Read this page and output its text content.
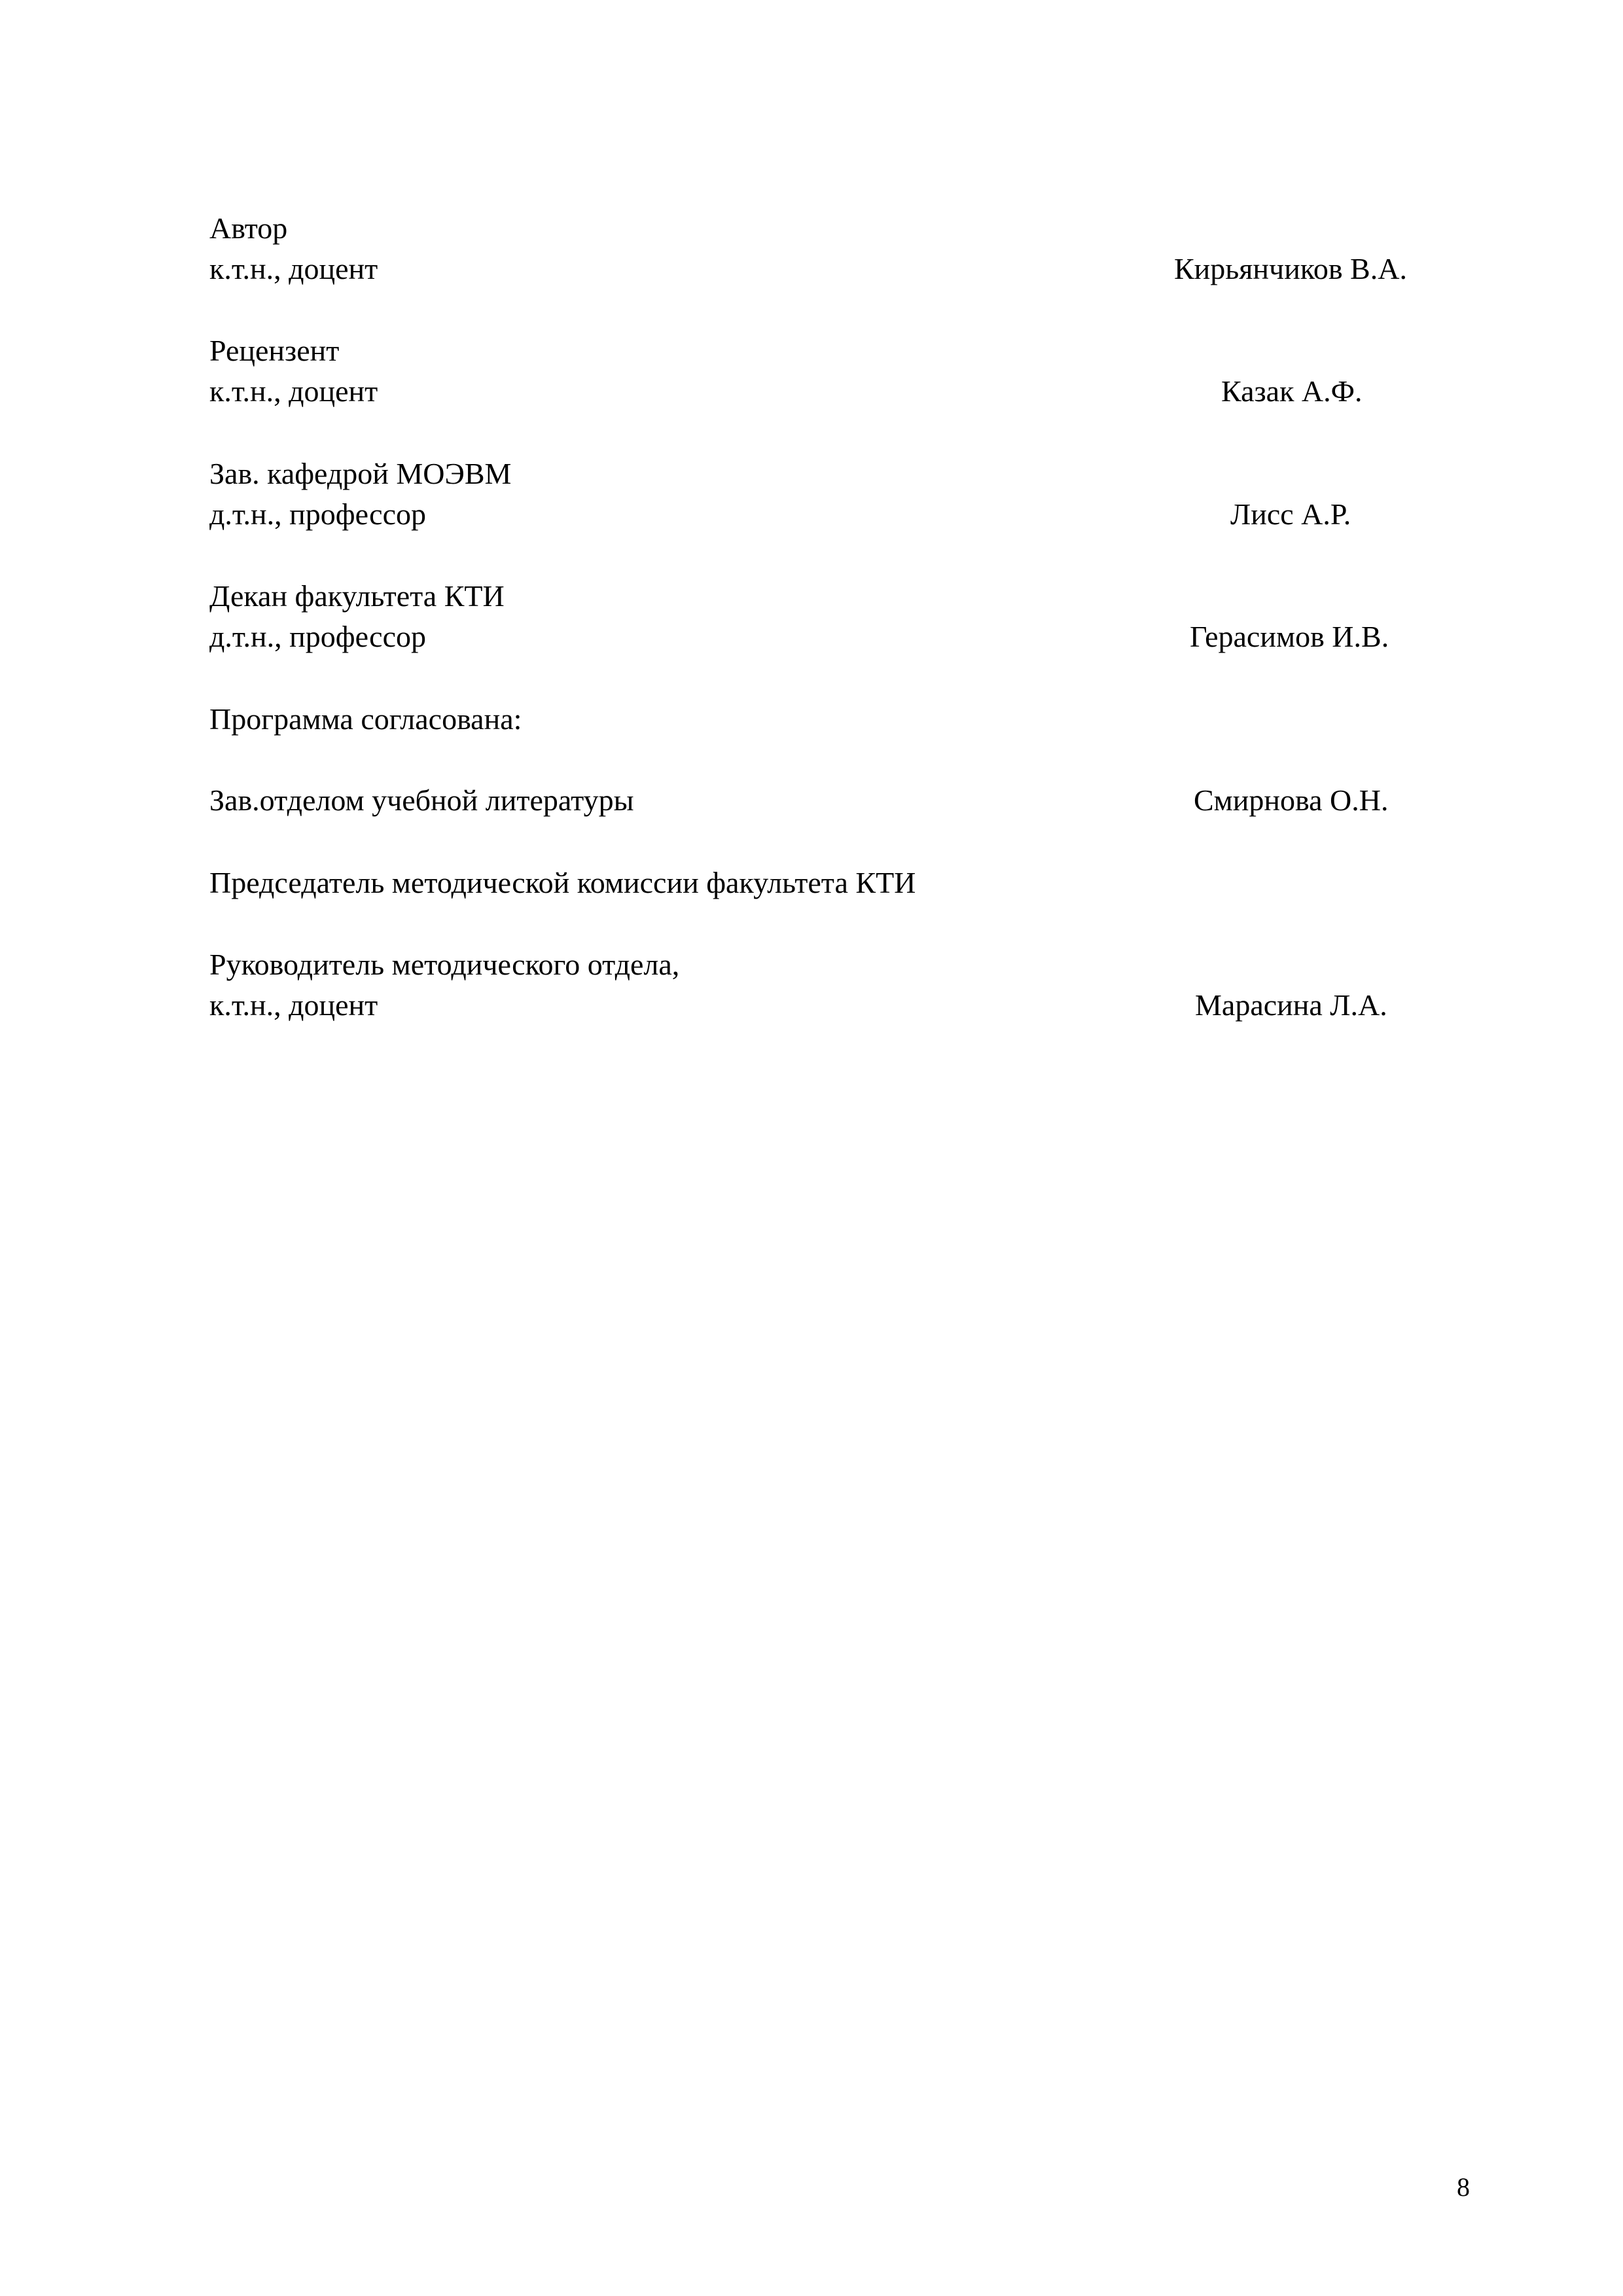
Автор
к.т.н., доцент	Кирьянчиков В.А.
Рецензент
к.т.н., доцент	Казак А.Ф.
Зав. кафедрой МОЭВМ
д.т.н., профессор	Лисс А.Р.
Декан факультета КТИ
д.т.н., профессор	Герасимов И.В.
Программа согласована:
Зав.отделом учебной литературы	Смирнова О.Н.
Председатель методической комиссии факультета КТИ
Руководитель методического отдела,
к.т.н., доцент	Марасина Л.А.
8
